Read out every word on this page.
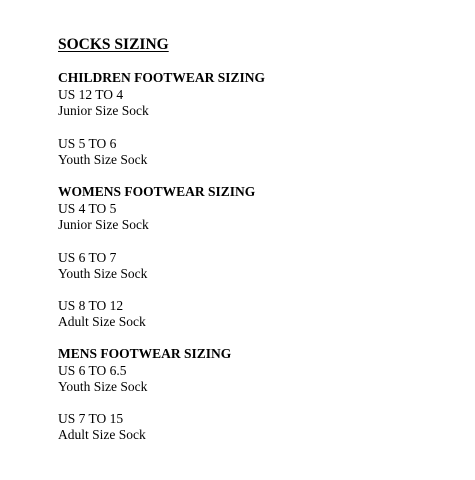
SOCKS SIZING
CHILDREN FOOTWEAR SIZING
US 12 TO 4
Junior Size Sock
US 5 TO 6
Youth Size Sock
WOMENS FOOTWEAR SIZING
US 4 TO 5
Junior Size Sock
US 6 TO 7
Youth Size Sock
US 8 TO 12
Adult Size Sock
MENS FOOTWEAR SIZING
US 6 TO 6.5
Youth Size Sock
US 7 TO 15
Adult Size Sock
